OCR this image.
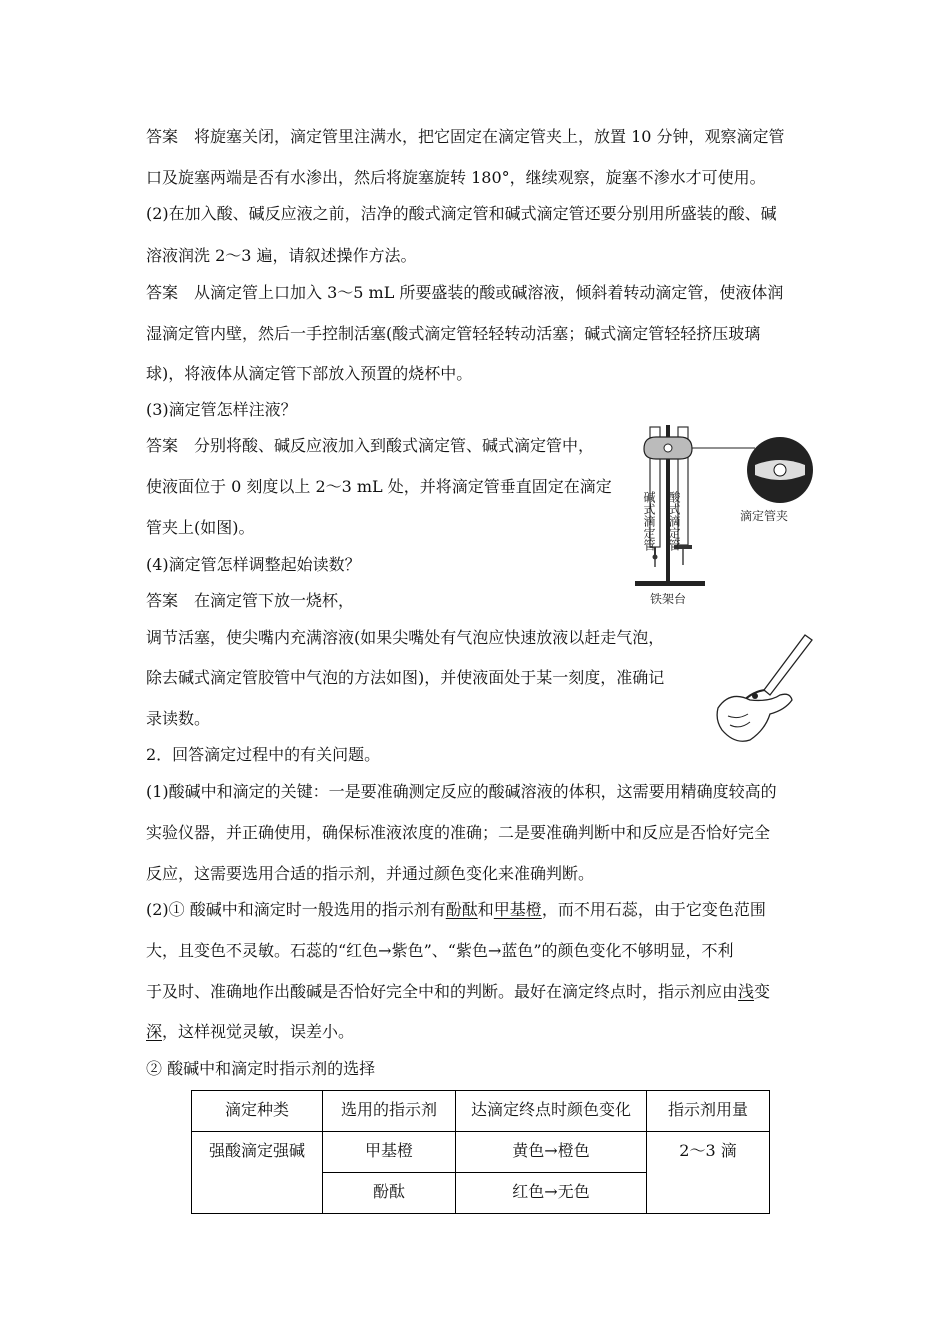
答案　将旋塞关闭，滴定管里注满水，把它固定在滴定管夹上，放置 10 分钟，观察滴定管
口及旋塞两端是否有水渗出，然后将旋塞旋转 180°，继续观察，旋塞不渗水才可使用。
(2)在加入酸、碱反应液之前，洁净的酸式滴定管和碱式滴定管还要分别用所盛装的酸、碱
溶液润洗 2～3 遍，请叙述操作方法。
答案　从滴定管上口加入 3～5 mL 所要盛装的酸或碱溶液，倾斜着转动滴定管，使液体润
湿滴定管内壁，然后一手控制活塞(酸式滴定管轻轻转动活塞；碱式滴定管轻轻挤压玻璃
球)，将液体从滴定管下部放入预置的烧杯中。
(3)滴定管怎样注液？
答案　分别将酸、碱反应液加入到酸式滴定管、碱式滴定管中，
使液面位于 0 刻度以上 2～3 mL 处，并将滴定管垂直固定在滴定
管夹上(如图)。
(4)滴定管怎样调整起始读数？
答案　在滴定管下放一烧杯，
调节活塞，使尖嘴内充满溶液(如果尖嘴处有气泡应快速放液以赶走气泡，
除去碱式滴定管胶管中气泡的方法如图)，并使液面处于某一刻度，准确记
录读数。
2．回答滴定过程中的有关问题。
(1)酸碱中和滴定的关键：一是要准确测定反应的酸碱溶液的体积，这需要用精确度较高的
实验仪器，并正确使用，确保标准液浓度的准确；二是要准确判断中和反应是否恰好完全
反应，这需要选用合适的指示剂，并通过颜色变化来准确判断。
(2)① 酸碱中和滴定时一般选用的指示剂有酚酞和甲基橙，而不用石蕊，由于它变色范围
大，且变色不灵敏。石蕊的“红色→紫色”、“紫色→蓝色”的颜色变化不够明显，不利
于及时、准确地作出酸碱是否恰好完全中和的判断。最好在滴定终点时，指示剂应由浅变
深，这样视觉灵敏，误差小。
② 酸碱中和滴定时指示剂的选择
碱式滴定管 酸式滴定管	滴定管夹
铁架台
滴定种类	选用的指示剂	达滴定终点时颜色变化	指示剂用量
强酸滴定强碱	甲基橙	黄色→橙色	2～3 滴
	酚酞	红色→无色	
